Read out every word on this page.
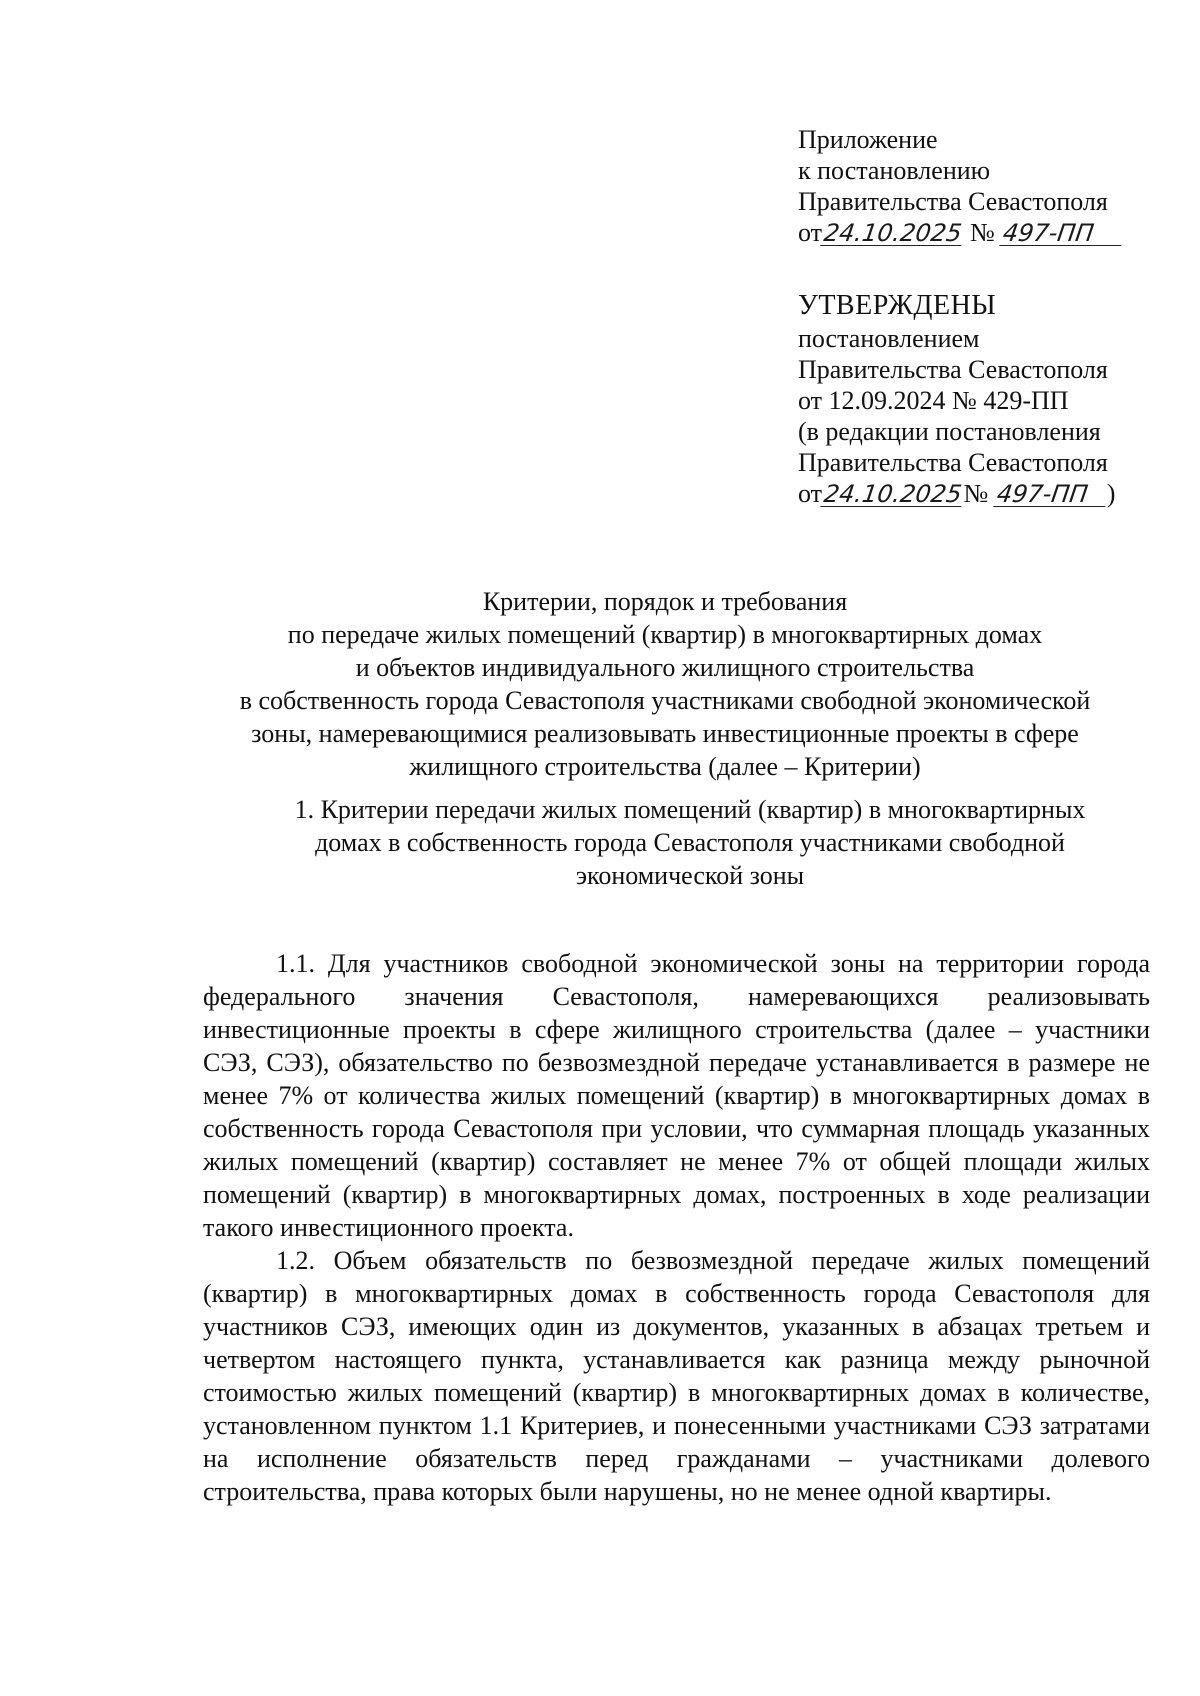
Приложение
к постановлению
Правительства Севастополя
от24.10.2025 № 497-ПП
УТВЕРЖДЕНЫ
постановлением
Правительства Севастополя
от 12.09.2024 № 429-ПП
(в редакции постановления
Правительства Севастополя
от24.10.2025№ 497-ПП )
Критерии, порядок и требования
по передаче жилых помещений (квартир) в многоквартирных домах
и объектов индивидуального жилищного строительства
в собственность города Севастополя участниками свободной экономической
зоны, намеревающимися реализовывать инвестиционные проекты в сфере
жилищного строительства (далее – Критерии)
1. Критерии передачи жилых помещений (квартир) в многоквартирных
домах в собственность города Севастополя участниками свободной
экономической зоны

1.1. Для участников свободной экономической зоны на территории города федерального значения Севастополя, намеревающихся реализовывать инвестиционные проекты в сфере жилищного строительства (далее – участники СЭЗ, СЭЗ), обязательство по безвозмездной передаче устанавливается в размере не менее 7% от количества жилых помещений (квартир) в многоквартирных домах в собственность города Севастополя при условии, что суммарная площадь указанных жилых помещений (квартир) составляет не менее 7% от общей площади жилых помещений (квартир) в многоквартирных домах, построенных в ходе реализации такого инвестиционного проекта.

1.2. Объем обязательств по безвозмездной передаче жилых помещений (квартир) в многоквартирных домах в собственность города Севастополя для участников СЭЗ, имеющих один из документов, указанных в абзацах третьем и четвертом настоящего пункта, устанавливается как разница между рыночной стоимостью жилых помещений (квартир) в многоквартирных домах в количестве, установленном пунктом 1.1 Критериев, и понесенными участниками СЭЗ затратами на исполнение обязательств перед гражданами – участниками долевого строительства, права которых были нарушены, но не менее одной квартиры.
